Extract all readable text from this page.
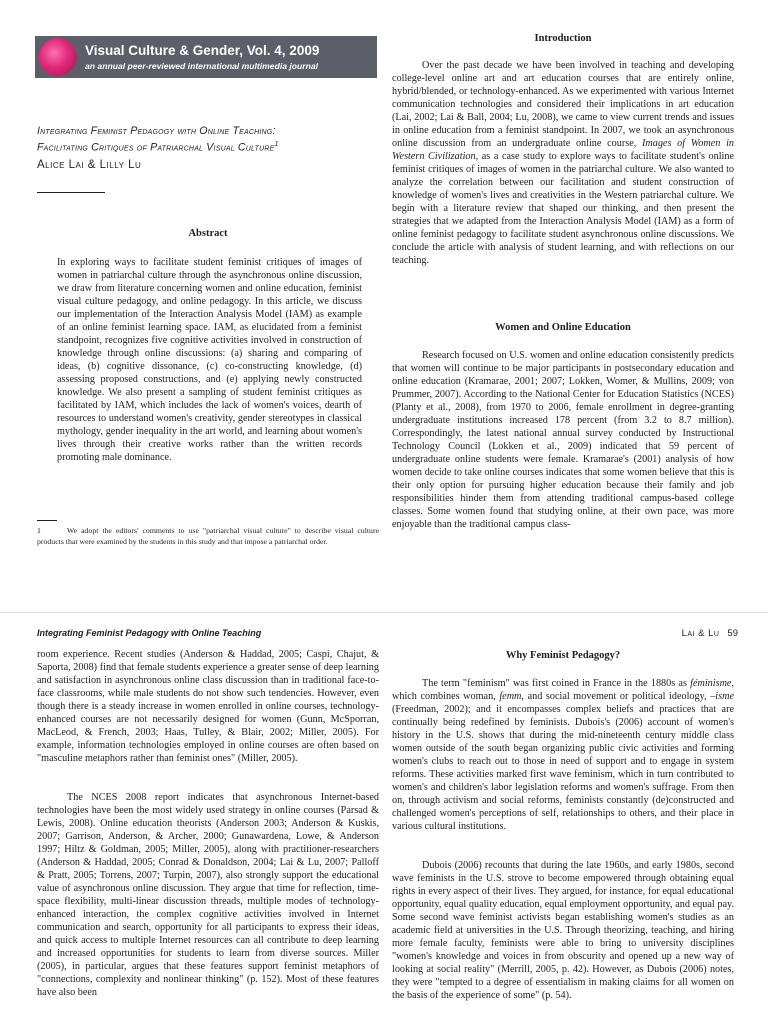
Visual Culture & Gender, Vol. 4, 2009
an annual peer-reviewed international multimedia journal
Integrating Feminist Pedagogy with Online Teaching:
Facilitating Critiques of Patriarchal Visual Culture$^1$
Alice Lai & Lilly Lu
Abstract

In exploring ways to facilitate student feminist critiques of images of women in patriarchal culture through the asynchronous online discussion, we draw from literature concerning women and online education, feminist visual culture pedagogy, and online pedagogy. In this article, we discuss our implementation of the Interaction Analysis Model (IAM) as example of an online feminist learning space. IAM, as elucidated from a feminist standpoint, recognizes five cognitive activities involved in construction of knowledge through online discussions: (a) sharing and comparing of ideas, (b) cognitive dissonance, (c) co-constructing knowledge, (d) assessing proposed constructions, and (e) applying newly constructed knowledge. We also present a sampling of student feminist critiques as facilitated by IAM, which includes the lack of women's voices, dearth of resources to understand women's creativity, gender stereotypes in classical mythology, gender inequality in the art world, and learning about women's lives through their creative works rather than the written records promoting male dominance.

1	We adopt the editors' comments to use "patriarchal visual culture" to describe visual culture products that were examined by the students in this study and that impose a patriarchal order.
Introduction

Over the past decade we have been involved in teaching and developing college-level online art and art education courses that are entirely online, hybrid/blended, or technology-enhanced. As we experimented with various Internet communication technologies and considered their implications in art education (Lai, 2002; Lai & Ball, 2004; Lu, 2008), we came to view current trends and issues in online education from a feminist standpoint. In 2007, we took an asynchronous online discussion from an undergraduate online course, Images of Women in Western Civilization, as a case study to explore ways to facilitate student's online feminist critiques of images of women in the patriarchal culture. We also wanted to analyze the correlation between our facilitation and student construction of knowledge of women's lives and creativities in the Western patriarchal culture. We begin with a literature review that shaped our thinking, and then present the strategies that we adapted from the Interaction Analysis Model (IAM) as a form of online feminist pedagogy to facilitate student asynchronous online discussions. We conclude the article with analysis of student learning, and with reflections on our teaching.

Women and Online Education

Research focused on U.S. women and online education consistently predicts that women will continue to be major participants in postsecondary education and online education (Kramarae, 2001; 2007; Lokken, Womer, & Mullins, 2009; von Prummer, 2007). According to the National Center for Education Statistics (NCES) (Planty et al., 2008), from 1970 to 2006, female enrollment in degree-granting undergraduate institutions increased 178 percent (from 3.2 to 8.7 million). Correspondingly, the latest national annual survey conducted by Instructional Technology Council (Lokken et al., 2009) indicated that 59 percent of undergraduate online students were female. Kramarae's (2001) analysis of how women decide to take online courses indicates that some women believe that this is their only option for pursuing higher education because their family and job responsibilities hinder them from attending traditional campus-based college classes. Some women found that studying online, at their own pace, was more enjoyable than the traditional campus class-

Integrating Feminist Pedagogy with Online Teaching	Lai & Lu 59

room experience. Recent studies (Anderson & Haddad, 2005; Caspi, Chajut, & Saporta, 2008) find that female students experience a greater sense of deep learning and satisfaction in asynchronous online class discussion than in traditional face-to-face classrooms, while male students do not show such tendencies. However, even though there is a steady increase in women enrolled in online courses, technology-enhanced courses are not necessarily designed for women (Gunn, McSporran, MacLeod, & French, 2003; Haas, Tulley, & Blair, 2002; Miller, 2005). For example, information technologies employed in online courses are often based on "masculine metaphors rather than feminist ones" (Miller, 2005).

The NCES 2008 report indicates that asynchronous Internet-based technologies have been the most widely used strategy in online courses (Parsad & Lewis, 2008). Online education theorists (Anderson 2003; Anderson & Kuskis, 2007; Garrison, Anderson, & Archer, 2000; Gunawardena, Lowe, & Anderson 1997; Hiltz & Goldman, 2005; Miller, 2005), along with practitioner-researchers (Anderson & Haddad, 2005; Conrad & Donaldson, 2004; Lai & Lu, 2007; Palloff & Pratt, 2005; Torrens, 2007; Turpin, 2007), also strongly support the educational value of asynchronous online discussion. They argue that time for reflection, time-space flexibility, multi-linear discussion threads, multiple modes of technology-enhanced interaction, the complex cognitive activities involved in Internet communication and search, opportunity for all participants to express their ideas, and quick access to multiple Internet resources can all contribute to deep learning and increased opportunities for students to learn from diverse sources. Miller (2005), in particular, argues that these features support feminist metaphors of "connections, complexity and nonlinear thinking" (p. 152). Most of these features have also been

Why Feminist Pedagogy?

The term "feminism" was first coined in France in the 1880s as féminisme, which combines woman, femm, and social movement or political ideology, –isme (Freedman, 2002); and it encompasses complex beliefs and practices that are continually being redefined by feminists. Dubois's (2006) account of women's history in the U.S. shows that during the mid-nineteenth century middle class women outside of the south began organizing public civic activities and forming women's clubs to reach out to those in need of support and to engage in system reforms. These activities marked first wave feminism, which in turn contributed to women's and children's labor legislation reforms and women's suffrage. From then on, through activism and social reforms, feminists constantly (de)constructed and challenged women's perceptions of self, relationships to others, and their place in various cultural institutions.

Dubois (2006) recounts that during the late 1960s, and early 1980s, second wave feminists in the U.S. strove to become empowered through obtaining equal rights in every aspect of their lives. They argued, for instance, for equal educational opportunity, equal quality education, equal employment opportunity, and equal pay. Some second wave feminist activists began establishing women's studies as an academic field at universities in the U.S. Through theorizing, teaching, and hiring more female faculty, feminists were able to bring to university disciplines "women's knowledge and voices in from obscurity and opened up a new way of looking at social reality" (Merrill, 2005, p. 42). However, as Dubois (2006) notes, they were "tempted to a degree of essentialism in making claims for all women on the basis of the experience of some" (p. 54).
